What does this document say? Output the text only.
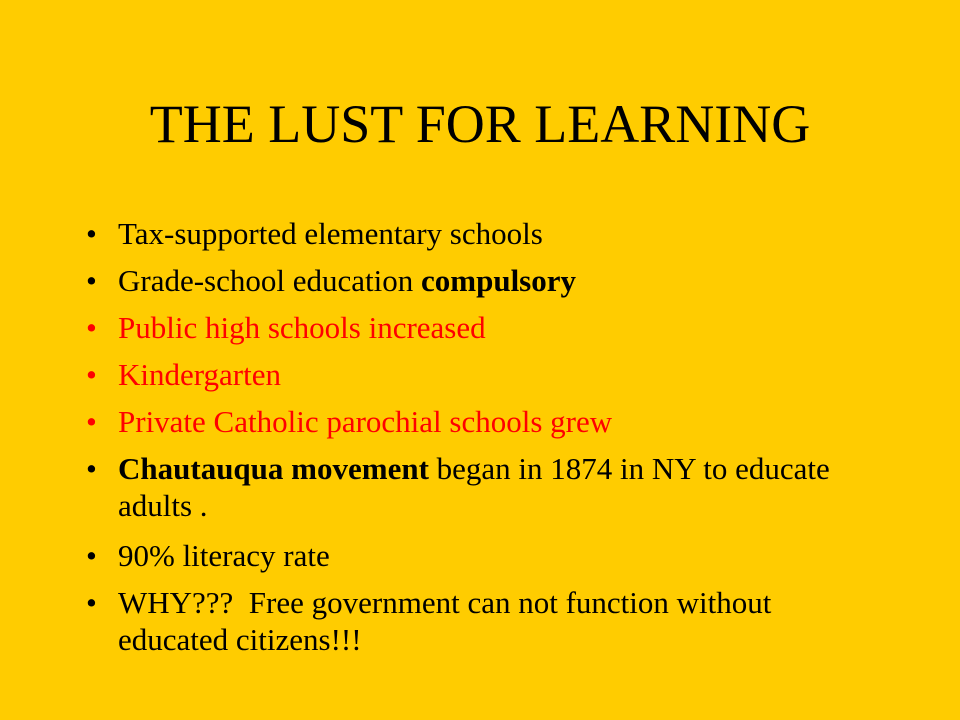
THE LUST FOR LEARNING
• Tax-supported elementary schools
• Grade-school education compulsory
• Public high schools increased
• Kindergarten
• Private Catholic parochial schools grew
• Chautauqua movement began in 1874 in NY to educate adults .
• 90% literacy rate
• WHY???  Free government can not function without educated citizens!!!
